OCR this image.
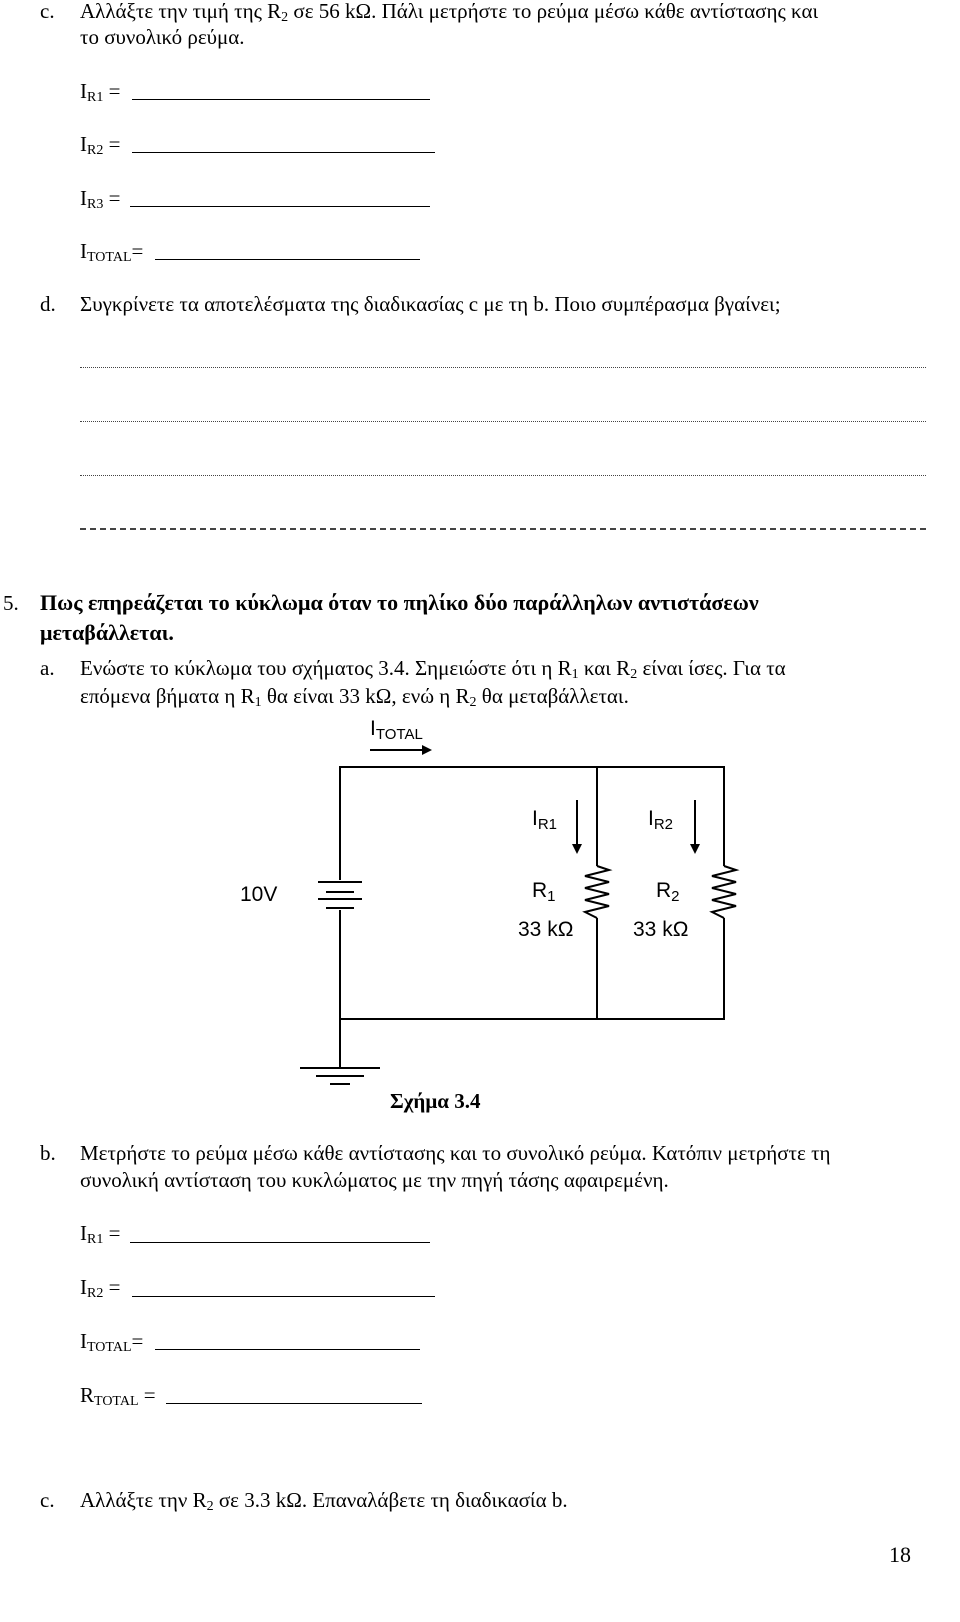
c. Αλλάξτε την τιμή της $R_2$ σε 56 kΩ. Πάλι μετρήστε το ρεύμα μέσω κάθε αντίστασης και
το συνολικό ρεύμα.
$I_{R1}$ =
$I_{R2}$ =
$I_{R3}$ =
$I_{TOTAL}=$
d. Συγκρίνετε τα αποτελέσματα της διαδικασίας c με τη b. Ποιο συμπέρασμα βγαίνει;
5. Πως επηρεάζεται το κύκλωμα όταν το πηλίκο δύο παράλληλων αντιστάσεων
μεταβάλλεται.
a. Ενώστε το κύκλωμα του σχήματος 3.4. Σημειώστε ότι η $R_1$ και $R_2$ είναι ίσες. Για τα
επόμενα βήματα η $R_1$ θα είναι 33 kΩ, ενώ η $R_2$ θα μεταβάλλεται.
ITOTAL
IR1	IR2
10V	R1
33 kΩ
R2
33 kΩ
Σχήμα 3.4
b. Μετρήστε το ρεύμα μέσω κάθε αντίστασης και το συνολικό ρεύμα. Κατόπιν μετρήστε τη
συνολική αντίσταση του κυκλώματος με την πηγή τάσης αφαιρεμένη.
$I_{R1}$ =
$I_{R2}$ =
$I_{TOTAL}=$
$R_{TOTAL}$ =
c. Αλλάξτε την $R_2$ σε 3.3 kΩ. Επαναλάβετε τη διαδικασία b.
18
